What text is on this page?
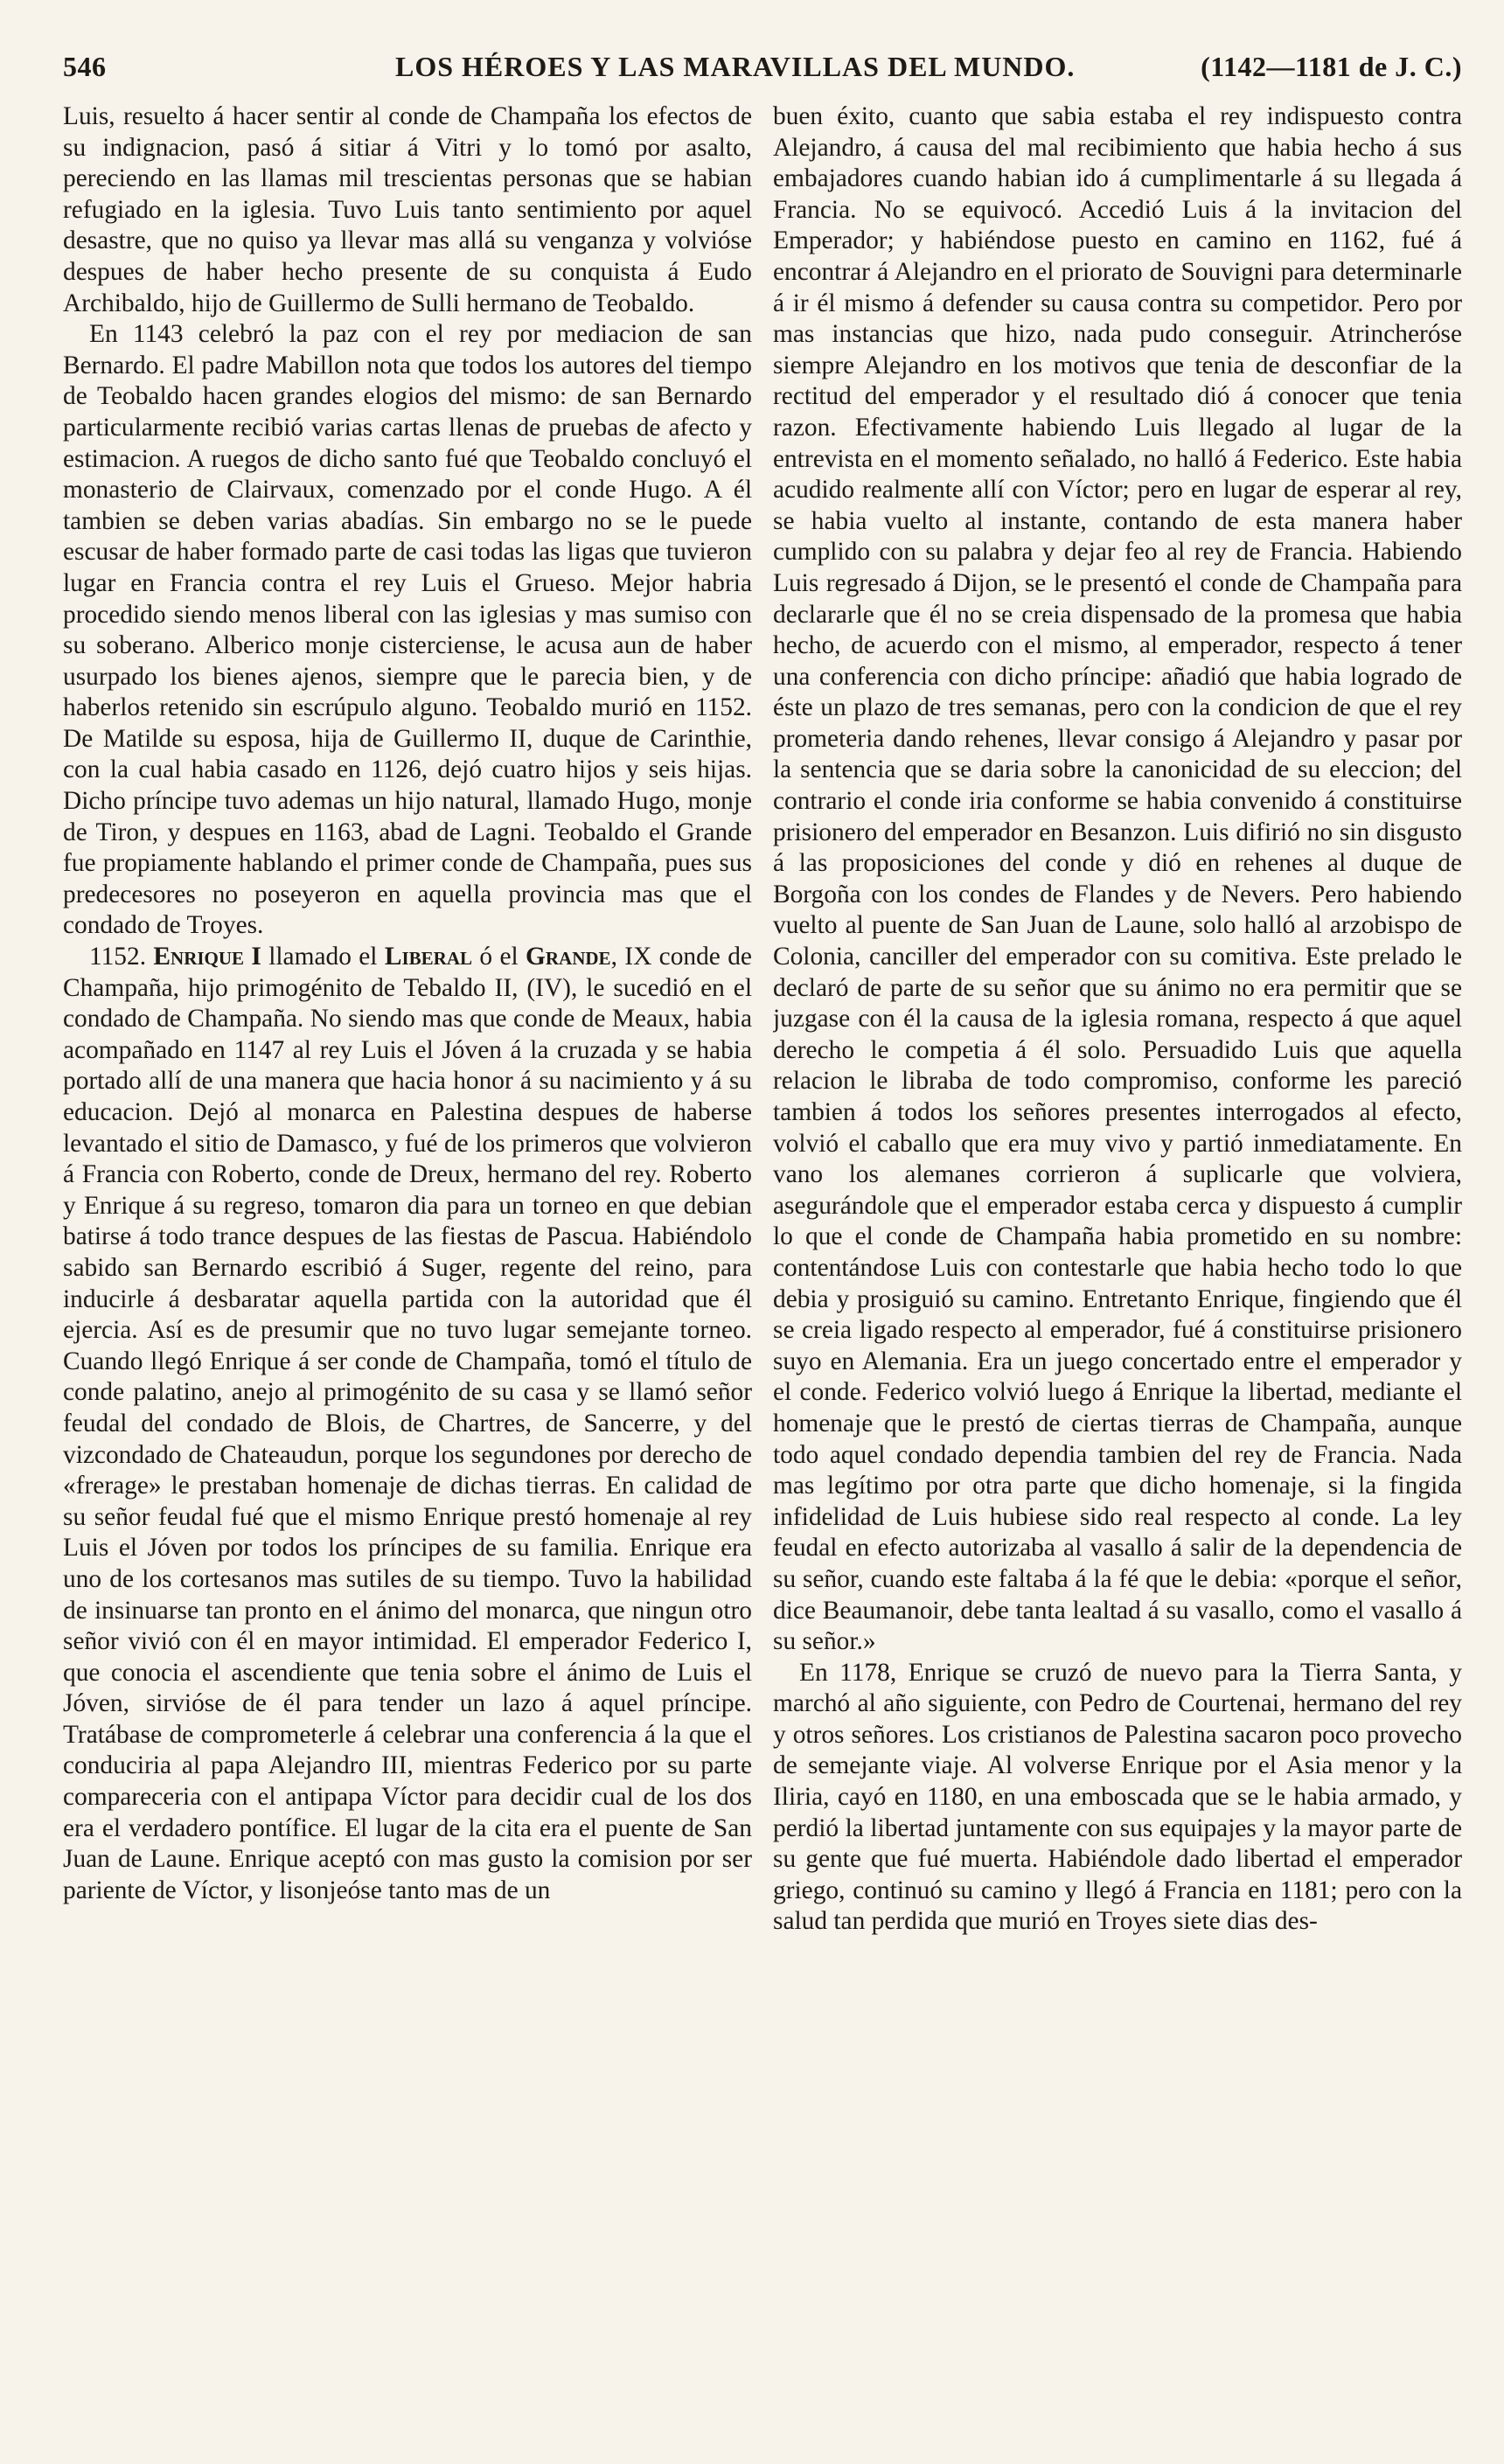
546	LOS HÉROES Y LAS MARAVILLAS DEL MUNDO.	(1142—1181 de J. C.)

Luis, resuelto á hacer sentir al conde de Champaña los efectos de su indignacion, pasó á sitiar á Vitri y lo tomó por asalto, pereciendo en las llamas mil trescientas personas que se habian refugiado en la iglesia. Tuvo Luis tanto sentimiento por aquel desastre, que no quiso ya llevar mas allá su venganza y volvióse despues de haber hecho presente de su conquista á Eudo Archibaldo, hijo de Guillermo de Sulli hermano de Teobaldo.

En 1143 celebró la paz con el rey por mediacion de san Bernardo. El padre Mabillon nota que todos los autores del tiempo de Teobaldo hacen grandes elogios del mismo: de san Bernardo particularmente recibió varias cartas llenas de pruebas de afecto y estimacion. A ruegos de dicho santo fué que Teobaldo concluyó el monasterio de Clairvaux, comenzado por el conde Hugo. A él tambien se deben varias abadías. Sin embargo no se le puede escusar de haber formado parte de casi todas las ligas que tuvieron lugar en Francia contra el rey Luis el Grueso. Mejor habria procedido siendo menos liberal con las iglesias y mas sumiso con su soberano. Alberico monje cisterciense, le acusa aun de haber usurpado los bienes ajenos, siempre que le parecia bien, y de haberlos retenido sin escrúpulo alguno. Teobaldo murió en 1152. De Matilde su esposa, hija de Guillermo II, duque de Carinthie, con la cual habia casado en 1126, dejó cuatro hijos y seis hijas. Dicho príncipe tuvo ademas un hijo natural, llamado Hugo, monje de Tiron, y despues en 1163, abad de Lagni. Teobaldo el Grande fue propiamente hablando el primer conde de Champaña, pues sus predecesores no poseyeron en aquella provincia mas que el condado de Troyes.

1152. Enrique I llamado el Liberal ó el Grande, IX conde de Champaña, hijo primogénito de Tebaldo II, (IV), le sucedió en el condado de Champaña. No siendo mas que conde de Meaux, habia acompañado en 1147 al rey Luis el Jóven á la cruzada y se habia portado allí de una manera que hacia honor á su nacimiento y á su educacion. Dejó al monarca en Palestina despues de haberse levantado el sitio de Damasco, y fué de los primeros que volvieron á Francia con Roberto, conde de Dreux, hermano del rey. Roberto y Enrique á su regreso, tomaron dia para un torneo en que debian batirse á todo trance despues de las fiestas de Pascua. Habiéndolo sabido san Bernardo escribió á Suger, regente del reino, para inducirle á desbaratar aquella partida con la autoridad que él ejercia. Así es de presumir que no tuvo lugar semejante torneo. Cuando llegó Enrique á ser conde de Champaña, tomó el título de conde palatino, anejo al primogénito de su casa y se llamó señor feudal del condado de Blois, de Chartres, de Sancerre, y del vizcondado de Chateaudun, porque los segundones por derecho de «frerage» le prestaban homenaje de dichas tierras. En calidad de su señor feudal fué que el mismo Enrique prestó homenaje al rey Luis el Jóven por todos los príncipes de su familia. Enrique era uno de los cortesanos mas sutiles de su tiempo. Tuvo la habilidad de insinuarse tan pronto en el ánimo del monarca, que ningun otro señor vivió con él en mayor intimidad. El emperador Federico I, que conocia el ascendiente que tenia sobre el ánimo de Luis el Jóven, sirvióse de él para tender un lazo á aquel príncipe. Tratábase de comprometerle á celebrar una conferencia á la que el conduciria al papa Alejandro III, mientras Federico por su parte compareceria con el antipapa Víctor para decidir cual de los dos era el verdadero pontífice. El lugar de la cita era el puente de San Juan de Laune. Enrique aceptó con mas gusto la comision por ser pariente de Víctor, y lisonjeóse tanto mas de un

buen éxito, cuanto que sabia estaba el rey indispuesto contra Alejandro, á causa del mal recibimiento que habia hecho á sus embajadores cuando habian ido á cumplimentarle á su llegada á Francia. No se equivocó. Accedió Luis á la invitacion del Emperador; y habiéndose puesto en camino en 1162, fué á encontrar á Alejandro en el priorato de Souvigni para determinarle á ir él mismo á defender su causa contra su competidor. Pero por mas instancias que hizo, nada pudo conseguir. Atrincheróse siempre Alejandro en los motivos que tenia de desconfiar de la rectitud del emperador y el resultado dió á conocer que tenia razon. Efectivamente habiendo Luis llegado al lugar de la entrevista en el momento señalado, no halló á Federico. Este habia acudido realmente allí con Víctor; pero en lugar de esperar al rey, se habia vuelto al instante, contando de esta manera haber cumplido con su palabra y dejar feo al rey de Francia. Habiendo Luis regresado á Dijon, se le presentó el conde de Champaña para declararle que él no se creia dispensado de la promesa que habia hecho, de acuerdo con el mismo, al emperador, respecto á tener una conferencia con dicho príncipe: añadió que habia logrado de éste un plazo de tres semanas, pero con la condicion de que el rey prometeria dando rehenes, llevar consigo á Alejandro y pasar por la sentencia que se daria sobre la canonicidad de su eleccion; del contrario el conde iria conforme se habia convenido á constituirse prisionero del emperador en Besanzon. Luis difirió no sin disgusto á las proposiciones del conde y dió en rehenes al duque de Borgoña con los condes de Flandes y de Nevers. Pero habiendo vuelto al puente de San Juan de Laune, solo halló al arzobispo de Colonia, canciller del emperador con su comitiva. Este prelado le declaró de parte de su señor que su ánimo no era permitir que se juzgase con él la causa de la iglesia romana, respecto á que aquel derecho le competia á él solo. Persuadido Luis que aquella relacion le libraba de todo compromiso, conforme les pareció tambien á todos los señores presentes interrogados al efecto, volvió el caballo que era muy vivo y partió inmediatamente. En vano los alemanes corrieron á suplicarle que volviera, asegurándole que el emperador estaba cerca y dispuesto á cumplir lo que el conde de Champaña habia prometido en su nombre: contentándose Luis con contestarle que habia hecho todo lo que debia y prosiguió su camino. Entretanto Enrique, fingiendo que él se creia ligado respecto al emperador, fué á constituirse prisionero suyo en Alemania. Era un juego concertado entre el emperador y el conde. Federico volvió luego á Enrique la libertad, mediante el homenaje que le prestó de ciertas tierras de Champaña, aunque todo aquel condado dependia tambien del rey de Francia. Nada mas legítimo por otra parte que dicho homenaje, si la fingida infidelidad de Luis hubiese sido real respecto al conde. La ley feudal en efecto autorizaba al vasallo á salir de la dependencia de su señor, cuando este faltaba á la fé que le debia: «porque el señor, dice Beaumanoir, debe tanta lealtad á su vasallo, como el vasallo á su señor.»

En 1178, Enrique se cruzó de nuevo para la Tierra Santa, y marchó al año siguiente, con Pedro de Courtenai, hermano del rey y otros señores. Los cristianos de Palestina sacaron poco provecho de semejante viaje. Al volverse Enrique por el Asia menor y la Iliria, cayó en 1180, en una emboscada que se le habia armado, y perdió la libertad juntamente con sus equipajes y la mayor parte de su gente que fué muerta. Habiéndole dado libertad el emperador griego, continuó su camino y llegó á Francia en 1181; pero con la salud tan perdida que murió en Troyes siete dias des-
